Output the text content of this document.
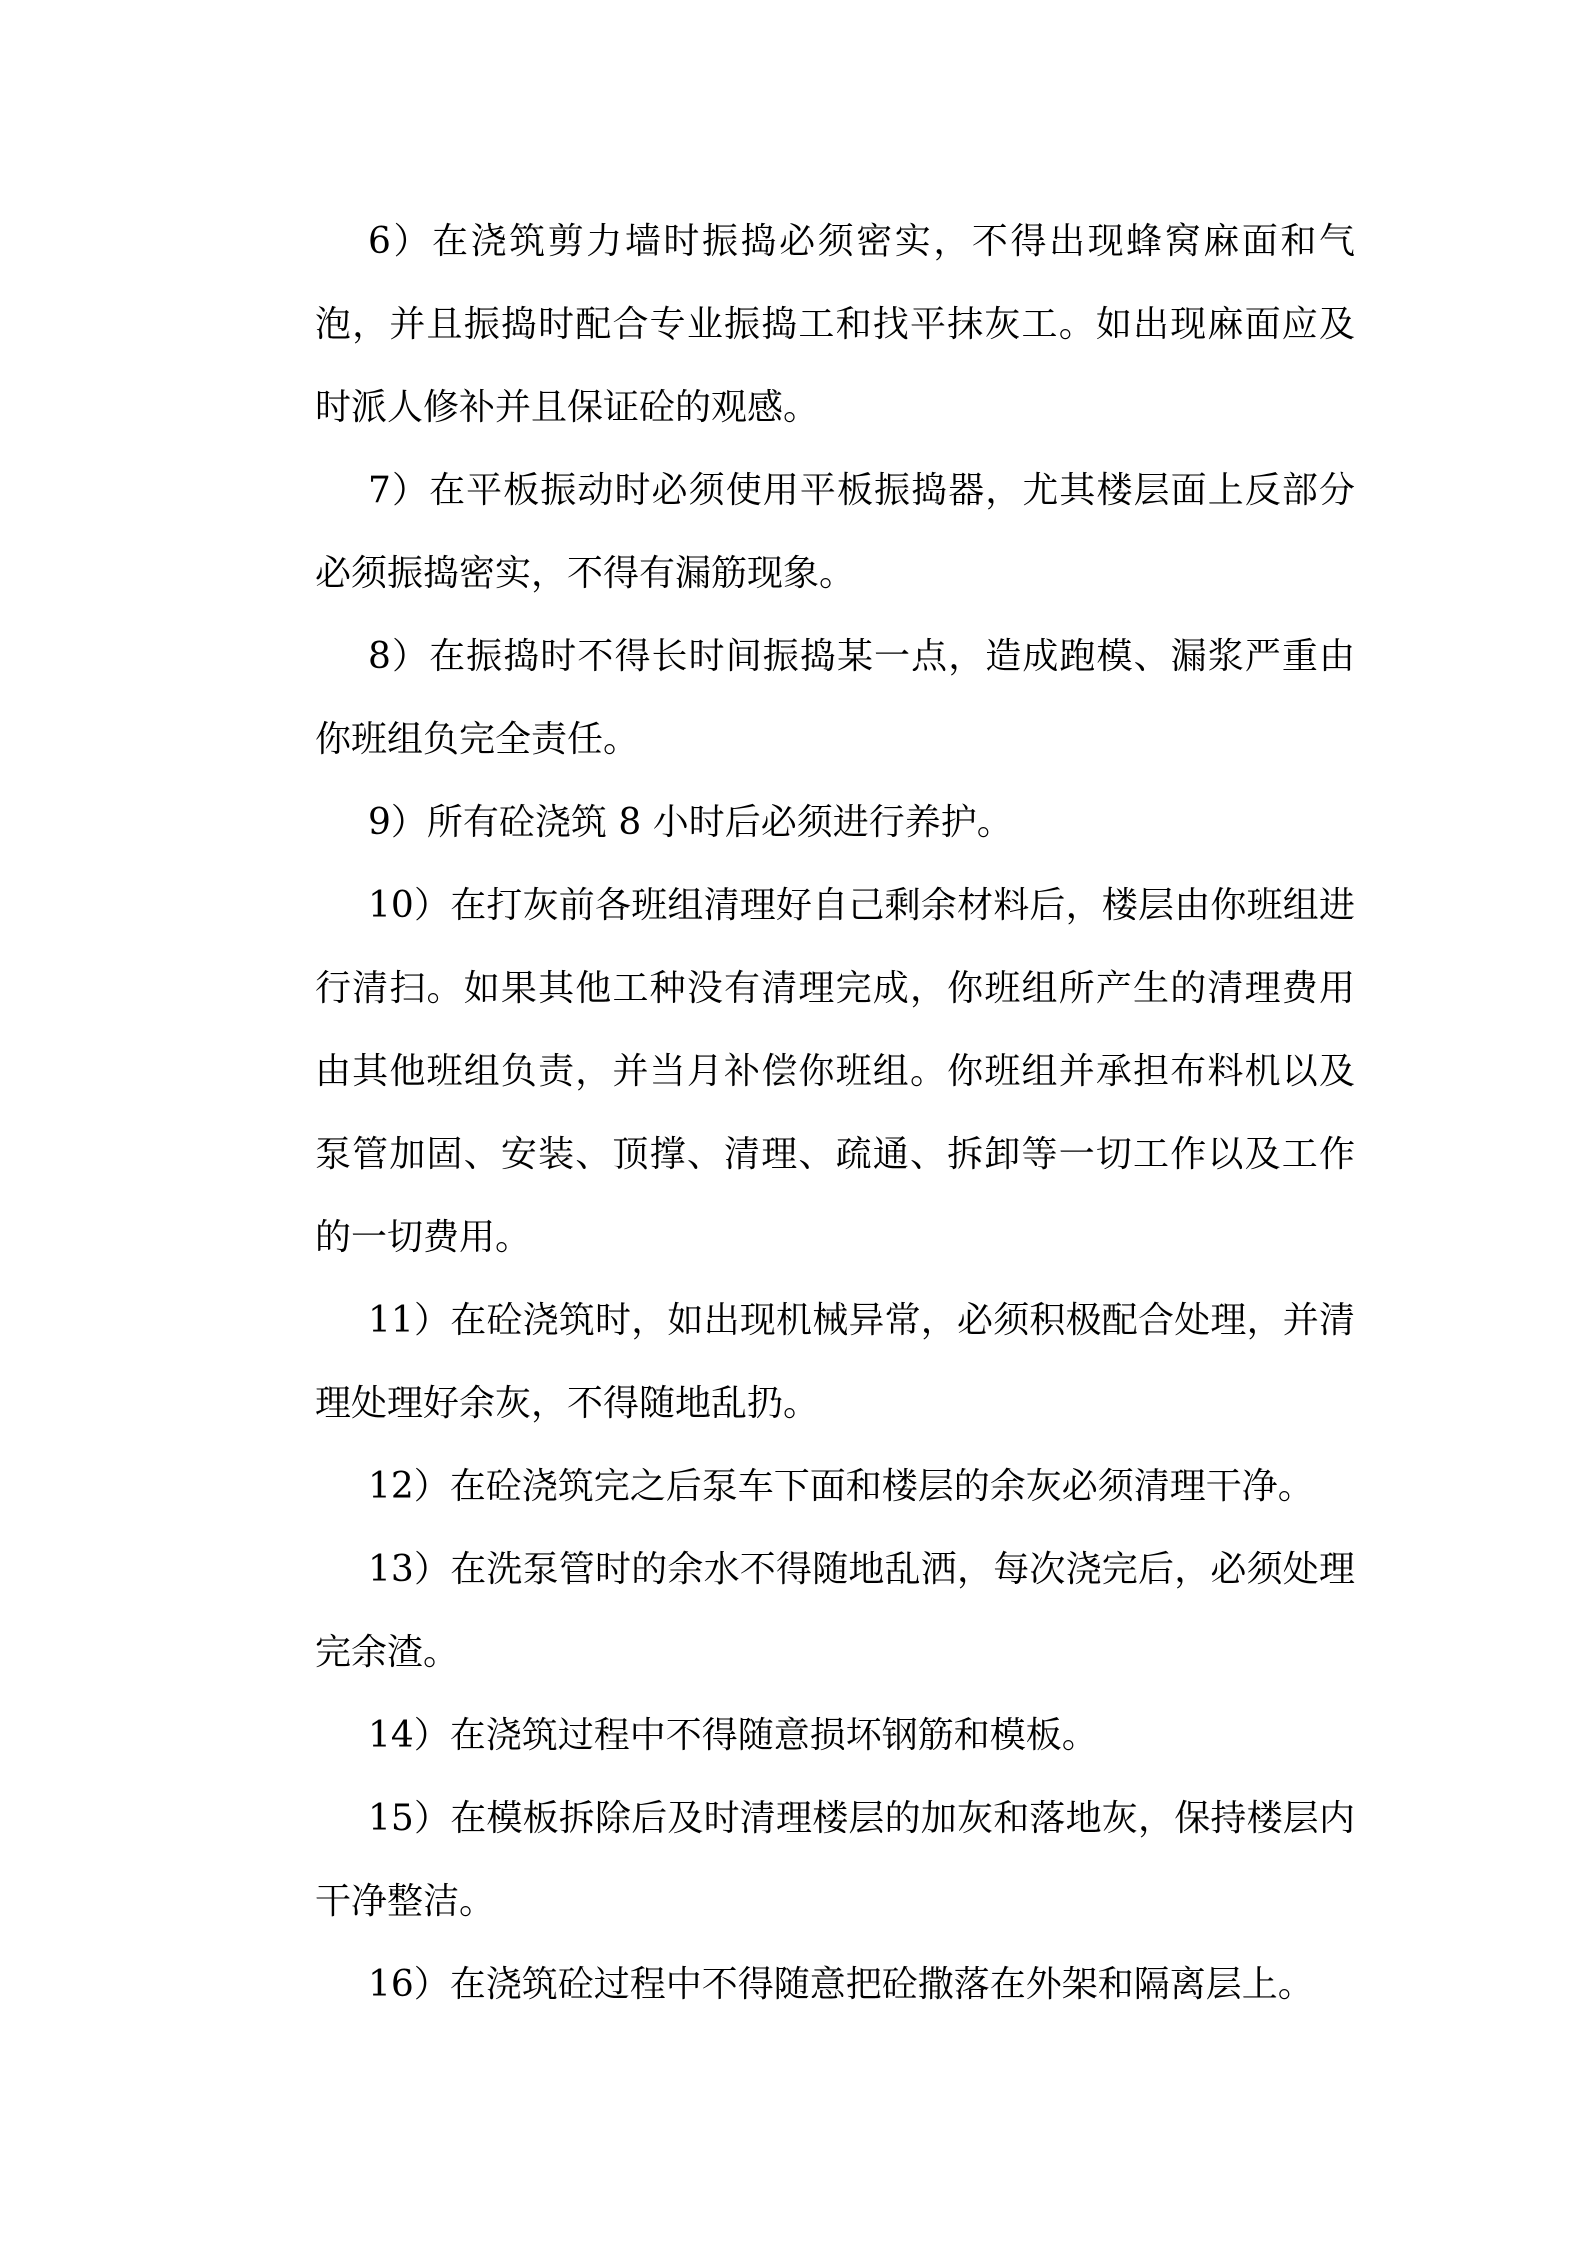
6）在浇筑剪力墙时振捣必须密实，不得出现蜂窝麻面和气泡，并且振捣时配合专业振捣工和找平抹灰工。如出现麻面应及时派人修补并且保证砼的观感。

7）在平板振动时必须使用平板振捣器，尤其楼层面上反部分必须振捣密实，不得有漏筋现象。

8）在振捣时不得长时间振捣某一点，造成跑模、漏浆严重由你班组负完全责任。

9）所有砼浇筑 8 小时后必须进行养护。

10）在打灰前各班组清理好自己剩余材料后，楼层由你班组进行清扫。如果其他工种没有清理完成，你班组所产生的清理费用由其他班组负责，并当月补偿你班组。你班组并承担布料机以及泵管加固、安装、顶撑、清理、疏通、拆卸等一切工作以及工作的一切费用。

11）在砼浇筑时，如出现机械异常，必须积极配合处理，并清理处理好余灰，不得随地乱扔。

12）在砼浇筑完之后泵车下面和楼层的余灰必须清理干净。

13）在洗泵管时的余水不得随地乱洒，每次浇完后，必须处理完余渣。

14）在浇筑过程中不得随意损坏钢筋和模板。

15）在模板拆除后及时清理楼层的加灰和落地灰，保持楼层内干净整洁。

16）在浇筑砼过程中不得随意把砼撒落在外架和隔离层上。
